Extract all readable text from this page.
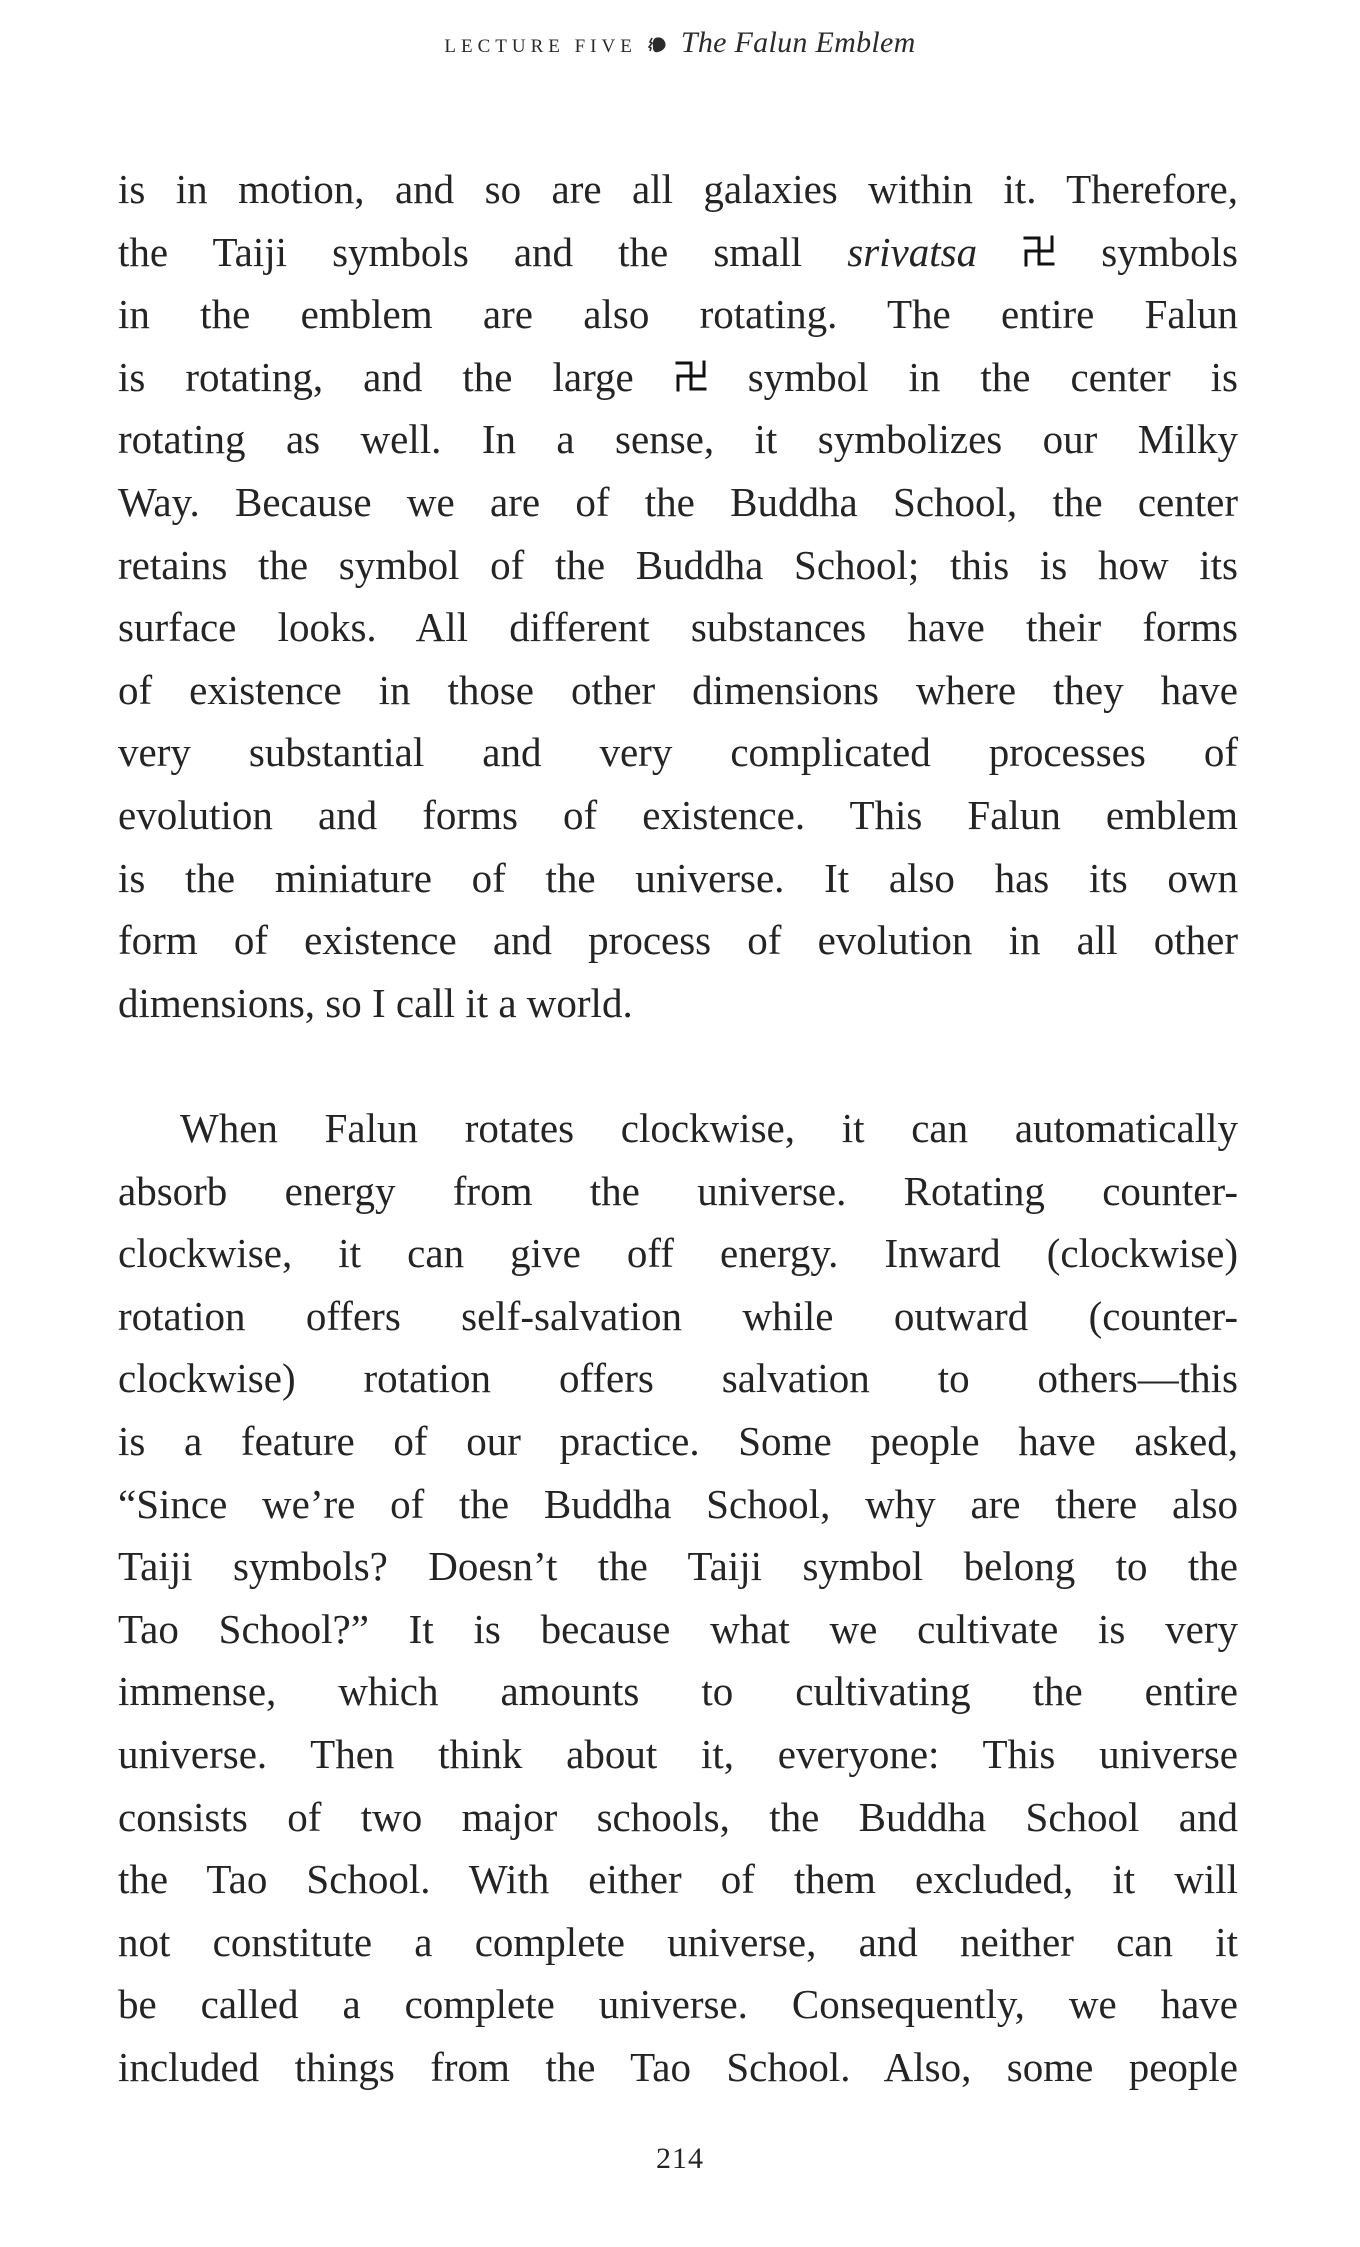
LECTURE FIVE The Falun Emblem
is in motion, and so are all galaxies within it. Therefore,
the Taiji symbols and the small srivatsa  symbols
in the emblem are also rotating. The entire Falun
is rotating, and the large  symbol in the center is
rotating as well. In a sense, it symbolizes our Milky
Way. Because we are of the Buddha School, the center
retains the symbol of the Buddha School; this is how its
surface looks. All different substances have their forms
of existence in those other dimensions where they have
very substantial and very complicated processes of
evolution and forms of existence. This Falun emblem
is the miniature of the universe. It also has its own
form of existence and process of evolution in all other
dimensions, so I call it a world.
When Falun rotates clockwise, it can automatically
absorb energy from the universe. Rotating counter-
clockwise, it can give off energy. Inward (clockwise)
rotation offers self-salvation while outward (counter-
clockwise) rotation offers salvation to others—this
is a feature of our practice. Some people have asked,
“Since we’re of the Buddha School, why are there also
Taiji symbols? Doesn’t the Taiji symbol belong to the
Tao School?” It is because what we cultivate is very
immense, which amounts to cultivating the entire
universe. Then think about it, everyone: This universe
consists of two major schools, the Buddha School and
the Tao School. With either of them excluded, it will
not constitute a complete universe, and neither can it
be called a complete universe. Consequently, we have
included things from the Tao School. Also, some people
214
